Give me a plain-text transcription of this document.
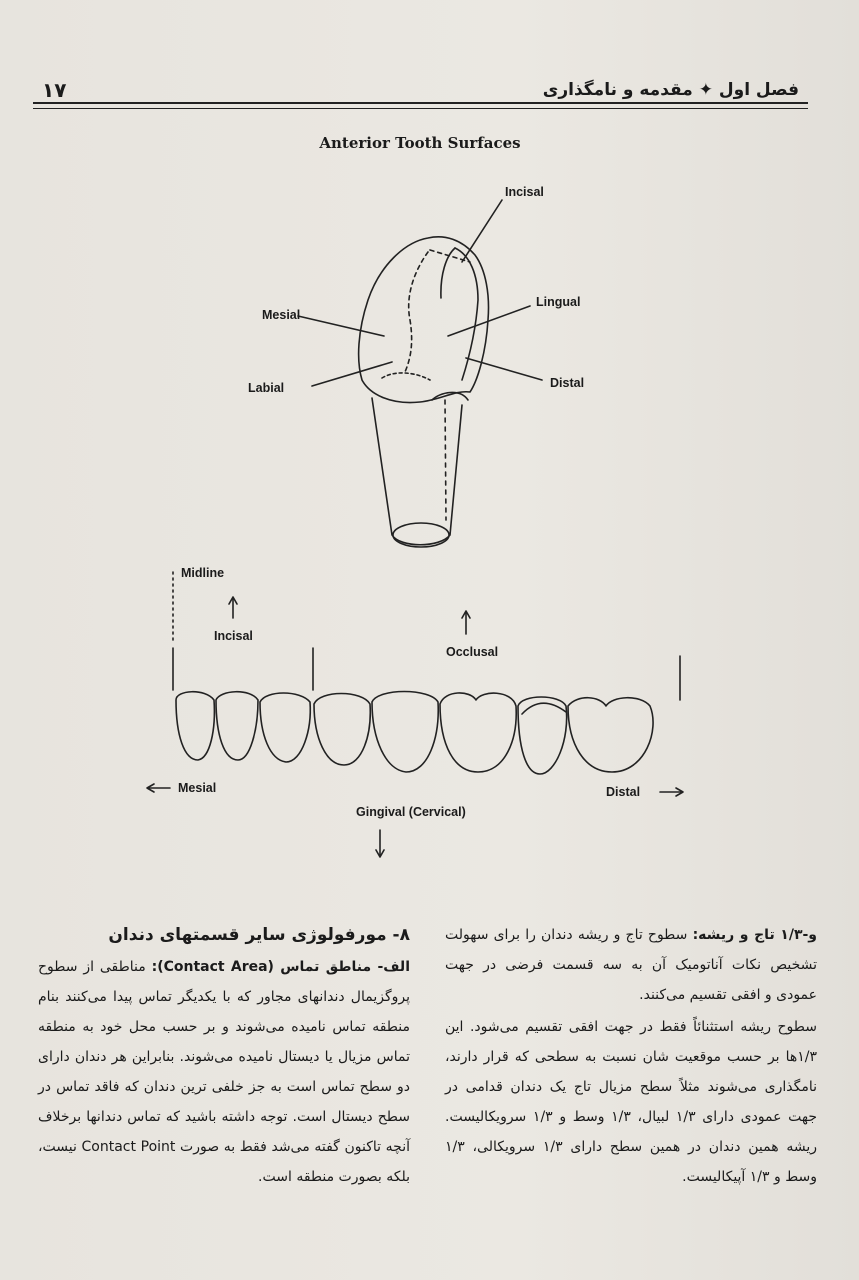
۱۷	فصل اول ✦ مقدمه و نامگذاری
Anterior Tooth Surfaces
Incisal
Mesial
Lingual
Labial	Distal
Midline
Incisal
Occlusal
Mesial	Distal
Gingival (Cervical)

و-۱/۳ تاج و ریشه: سطوح تاج و ریشه دندان را برای سهولت تشخیص نکات آناتومیک آن به سه قسمت فرضی در جهت عمودی و افقی تقسیم می‌کنند.

سطوح ریشه استثنائاً فقط در جهت افقی تقسیم می‌شود. این ۱/۳ها بر حسب موقعیت شان نسبت به سطحی که قرار دارند، نامگذاری می‌شوند مثلاً سطح مزیال تاج یک دندان قدامی در جهت عمودی دارای ۱/۳ لبیال، ۱/۳ وسط و ۱/۳ سرویکالیست. ریشه همین دندان در همین سطح دارای ۱/۳ سرویکالی، ۱/۳ وسط و ۱/۳ آپیکالیست.

۸- مورفولوژی سایر قسمتهای دندان

الف- مناطق تماس (Contact Area): مناطقی از سطوح پروگزیمال دندانهای مجاور که با یکدیگر تماس پیدا می‌کنند بنام منطقه تماس نامیده می‌شوند و بر حسب محل خود به منطقه تماس مزیال یا دیستال نامیده می‌شوند. بنابراین هر دندان دارای دو سطح تماس است به جز خلفی ترین دندان که فاقد تماس در سطح دیستال است. توجه داشته باشید که تماس دندانها برخلاف آنچه تاکنون گفته می‌شد فقط به صورت Contact Point نیست، بلکه بصورت منطقه است.
